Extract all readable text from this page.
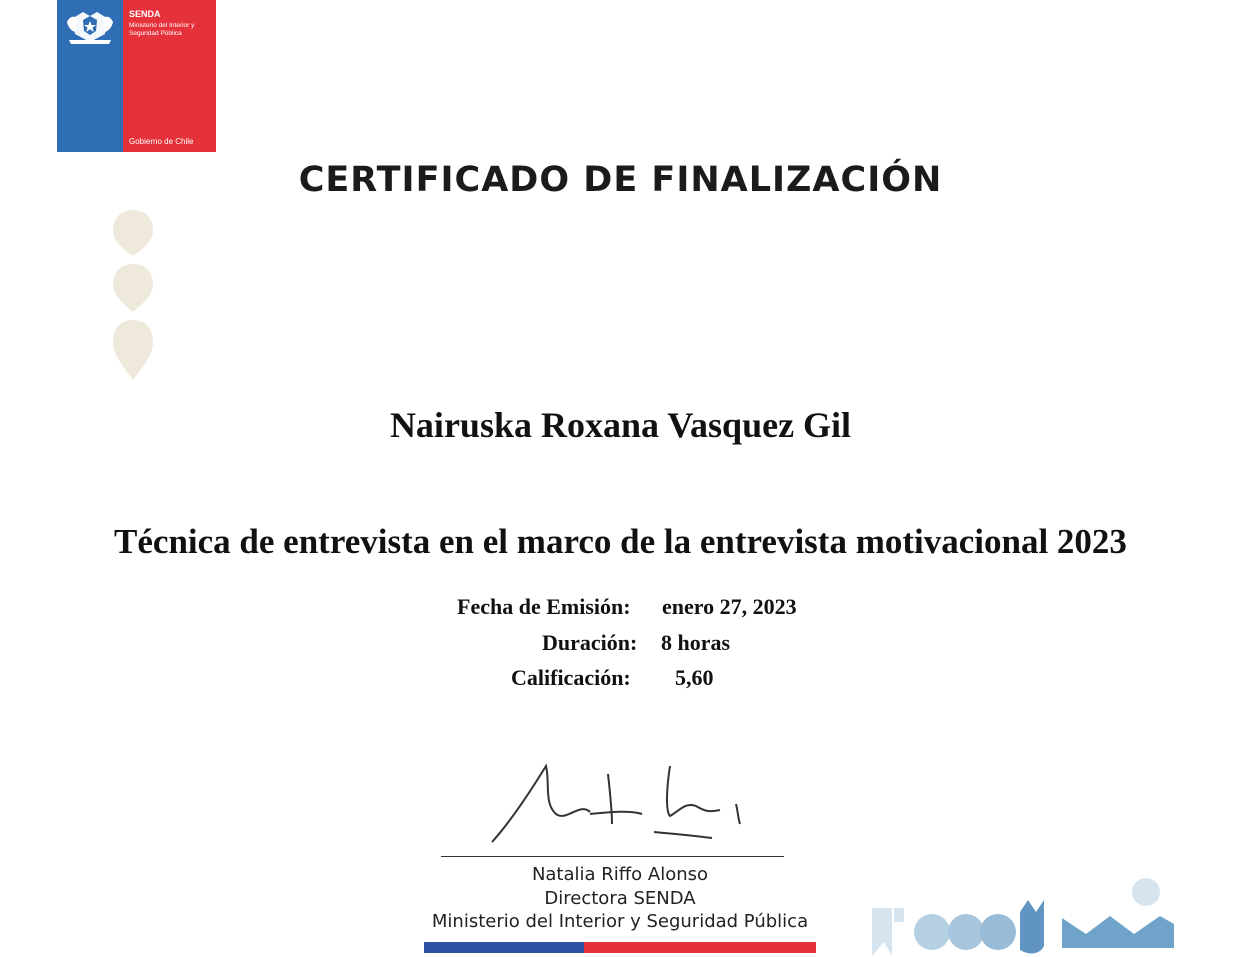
SENDA
Ministerio del Interior y Seguridad Pública
Gobierno de Chile
CERTIFICADO DE FINALIZACIÓN
Nairuska Roxana Vasquez Gil
Técnica de entrevista en el marco de la entrevista motivacional 2023
Fecha de Emisión: enero 27, 2023
Duración: 8 horas
Calificación: 5,60
Natalia Riffo Alonso
Directora SENDA
Ministerio del Interior y Seguridad Pública
